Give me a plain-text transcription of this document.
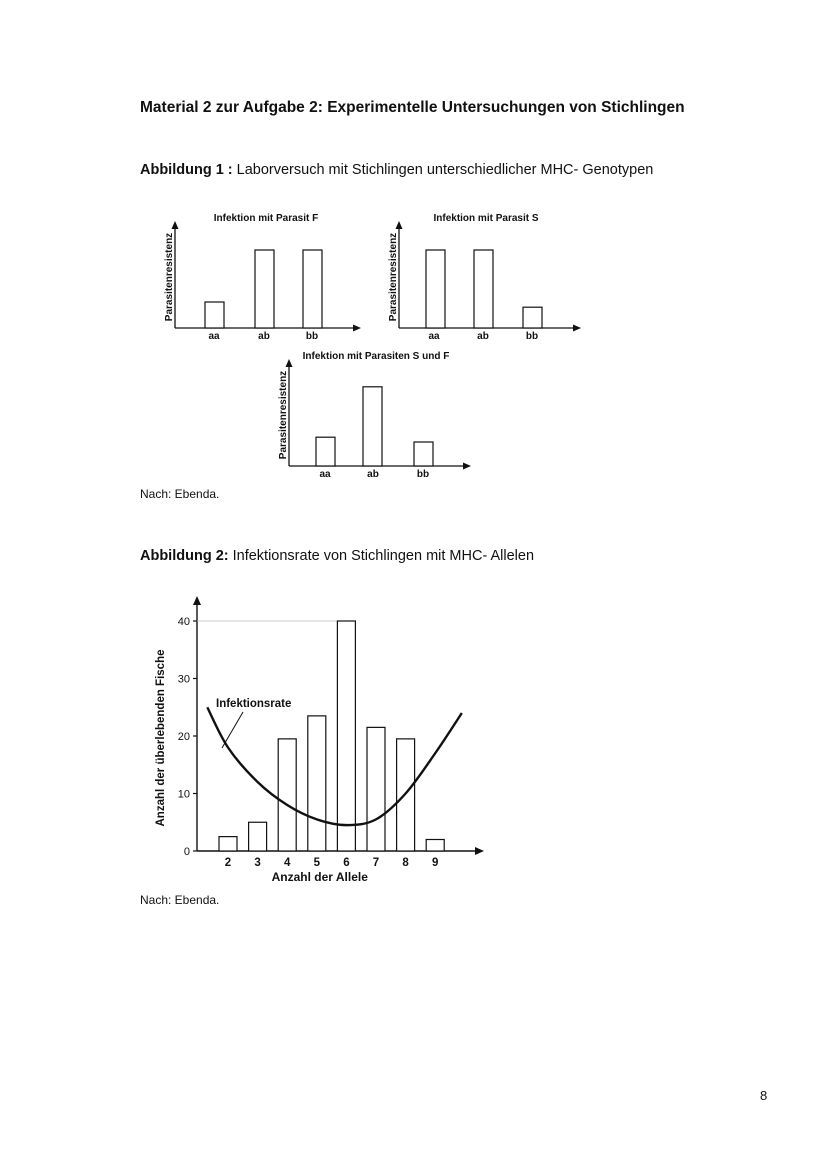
Material 2 zur Aufgabe 2: Experimentelle Untersuchungen von Stichlingen
Abbildung 1 : Laborversuch mit Stichlingen unterschiedlicher MHC- Genotypen
Infektion mit Parasit F
Parasitenresistenz
aa	ab	bb
Infektion mit Parasit S
Parasitenresistenz
aa	ab	bb
Infektion mit Parasiten S und F
Parasitenresistenz
aa	ab	bb
0
10
20
30
40
Anzahl der überlebenden Fische
2 3 4 5 6 7 8 9
Anzahl der Allele
Infektionsrate
Nach: Ebenda.
Abbildung 2: Infektionsrate von Stichlingen mit MHC- Allelen
Nach: Ebenda.
8
